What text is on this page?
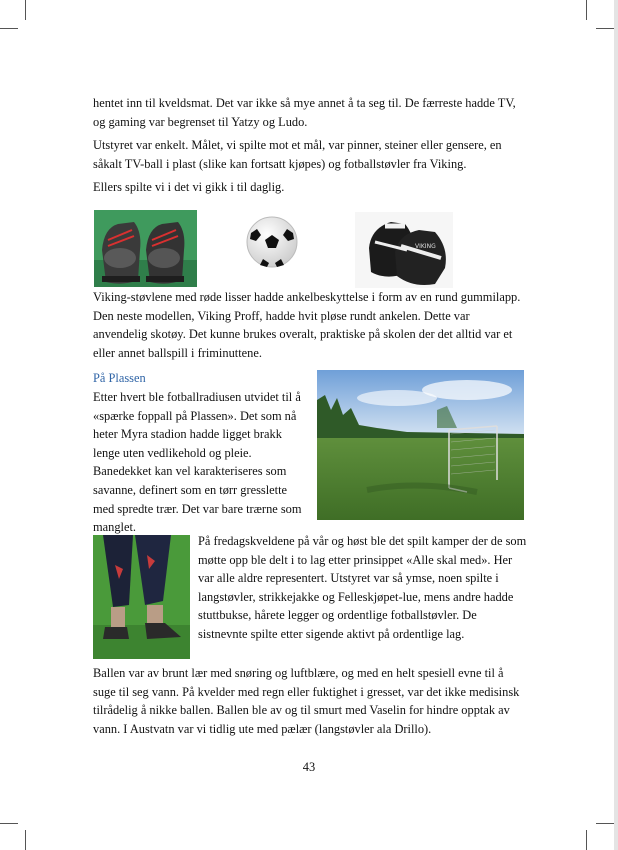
hentet inn til kveldsmat. Det var ikke så mye annet å ta seg til. De færreste hadde TV, og gaming var begrenset til Yatzy og Ludo.

Utstyret var enkelt. Målet, vi spilte mot et mål, var pinner, steiner eller gensere, en såkalt TV-ball i plast (slike kan fortsatt kjøpes) og fotballstøvler fra Viking.

Ellers spilte vi i det vi gikk i til daglig.

VIKING

Viking-støvlene med røde lisser hadde ankelbeskyttelse i form av en rund gummilapp. Den neste modellen, Viking Proff, hadde hvit pløse rundt ankelen. Dette var anvendelig skotøy. Det kunne brukes overalt, praktiske på skolen der det alltid var et eller annet ballspill i friminuttene.

På Plassen

Etter hvert ble fotballradiusen utvidet til å «spærke foppall på Plassen». Det som nå heter Myra stadion hadde ligget brakk lenge uten vedlikehold og pleie. Banedekket kan vel karakteriseres som savanne, definert som en tørr gresslette med spredte trær. Det var bare trærne som manglet.

På fredagskveldene på vår og høst ble det spilt kamper der de som møtte opp ble delt i to lag etter prinsippet «Alle skal med». Her var alle aldre representert. Utstyret var så ymse, noen spilte i langstøvler, strikkejakke og Felleskjøpet-lue, mens andre hadde stuttbukse, hårete legger og ordentlige fotballstøvler. De sistnevnte spilte etter sigende aktivt på ordentlige lag.

Ballen var av brunt lær med snøring og luftblære, og med en helt spesiell evne til å suge til seg vann. På kvelder med regn eller fuktighet i gresset, var det ikke medisinsk tilrådelig å nikke ballen. Ballen ble av og til smurt med Vaselin for hindre opptak av vann. I Austvatn var vi tidlig ute med pælær (langstøvler ala Drillo).

43
